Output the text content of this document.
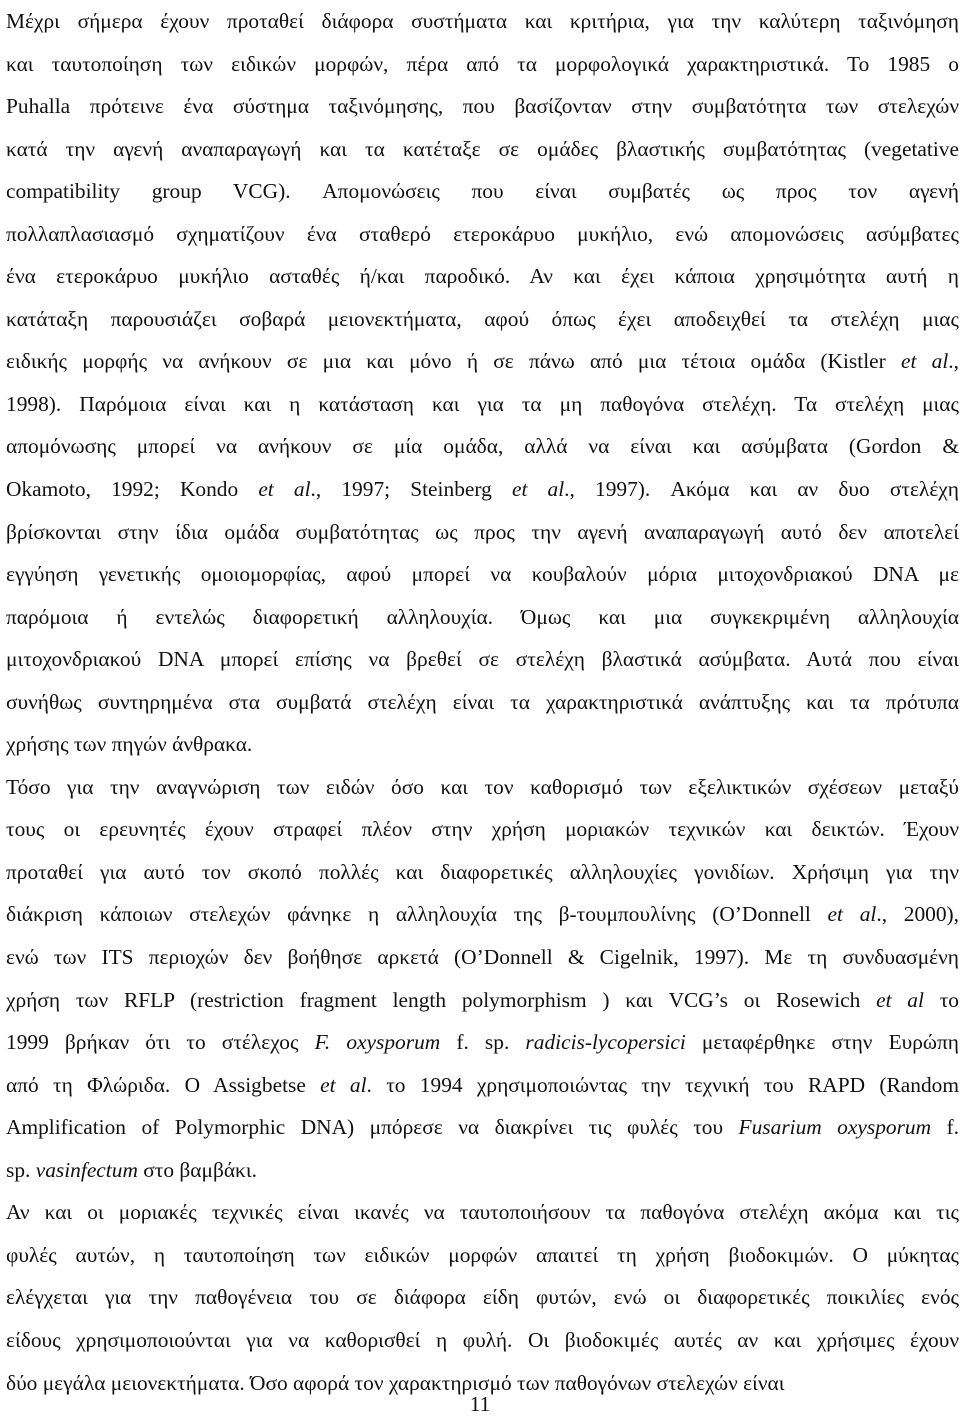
Μέχρι σήμερα έχουν προταθεί διάφορα συστήματα και κριτήρια, για την καλύτερη ταξινόμηση
και ταυτοποίηση των ειδικών μορφών, πέρα από τα μορφολογικά χαρακτηριστικά. Το 1985 ο
Puhalla πρότεινε ένα σύστημα ταξινόμησης, που βασίζονταν στην συμβατότητα των στελεχών
κατά την αγενή αναπαραγωγή και τα κατέταξε σε ομάδες βλαστικής συμβατότητας (vegetative
compatibility group VCG). Απομονώσεις που είναι συμβατές ως προς τον αγενή
πολλαπλασιασμό σχηματίζουν ένα σταθερό ετεροκάρυο μυκήλιο, ενώ απομονώσεις ασύμβατες
ένα ετεροκάρυο μυκήλιο ασταθές ή/και παροδικό. Αν και έχει κάποια χρησιμότητα αυτή η
κατάταξη παρουσιάζει σοβαρά μειονεκτήματα, αφού όπως έχει αποδειχθεί τα στελέχη μιας
ειδικής μορφής να ανήκουν σε μια και μόνο ή σε πάνω από μια τέτοια ομάδα (Kistler et al.,
1998). Παρόμοια είναι και η κατάσταση και για τα μη παθογόνα στελέχη. Τα στελέχη μιας
απομόνωσης μπορεί να ανήκουν σε μία ομάδα, αλλά να είναι και ασύμβατα (Gordon &
Okamoto, 1992; Kondo et al., 1997; Steinberg et al., 1997). Ακόμα και αν δυο στελέχη
βρίσκονται στην ίδια ομάδα συμβατότητας ως προς την αγενή αναπαραγωγή αυτό δεν αποτελεί
εγγύηση γενετικής ομοιομορφίας, αφού μπορεί να κουβαλούν μόρια μιτοχονδριακού DNA με
παρόμοια ή εντελώς διαφορετική αλληλουχία. Όμως και μια συγκεκριμένη αλληλουχία
μιτοχονδριακού DNA μπορεί επίσης να βρεθεί σε στελέχη βλαστικά ασύμβατα. Αυτά που είναι
συνήθως συντηρημένα στα συμβατά στελέχη είναι τα χαρακτηριστικά ανάπτυξης και τα πρότυπα
χρήσης των πηγών άνθρακα.
Τόσο για την αναγνώριση των ειδών όσο και τον καθορισμό των εξελικτικών σχέσεων μεταξύ
τους οι ερευνητές έχουν στραφεί πλέον στην χρήση μοριακών τεχνικών και δεικτών. Έχουν
προταθεί για αυτό τον σκοπό πολλές και διαφορετικές αλληλουχίες γονιδίων. Χρήσιμη για την
διάκριση κάποιων στελεχών φάνηκε η αλληλουχία της β-τουμπουλίνης (O’Donnell et al., 2000),
ενώ των ITS περιοχών δεν βοήθησε αρκετά (O’Donnell & Cigelnik, 1997). Με τη συνδυασμένη
χρήση των RFLP (restriction fragment length polymorphism ) και VCG’s οι Rosewich et al το
1999 βρήκαν ότι το στέλεχος F. oxysporum f. sp. radicis-lycopersici μεταφέρθηκε στην Ευρώπη
από τη Φλώριδα. O Assigbetse et al. το 1994 χρησιμοποιώντας την τεχνική του RAPD (Random
Amplification of Polymorphic DNA) μπόρεσε να διακρίνει τις φυλές του Fusarium oxysporum f.
sp. vasinfectum στο βαμβάκι.
Αν και οι μοριακές τεχνικές είναι ικανές να ταυτοποιήσουν τα παθογόνα στελέχη ακόμα και τις
φυλές αυτών, η ταυτοποίηση των ειδικών μορφών απαιτεί τη χρήση βιοδοκιμών. Ο μύκητας
ελέγχεται για την παθογένεια του σε διάφορα είδη φυτών, ενώ οι διαφορετικές ποικιλίες ενός
είδους χρησιμοποιούνται για να καθορισθεί η φυλή. Οι βιοδοκιμές αυτές αν και χρήσιμες έχουν
δύο μεγάλα μειονεκτήματα. Όσο αφορά τον χαρακτηρισμό των παθογόνων στελεχών είναι
11
